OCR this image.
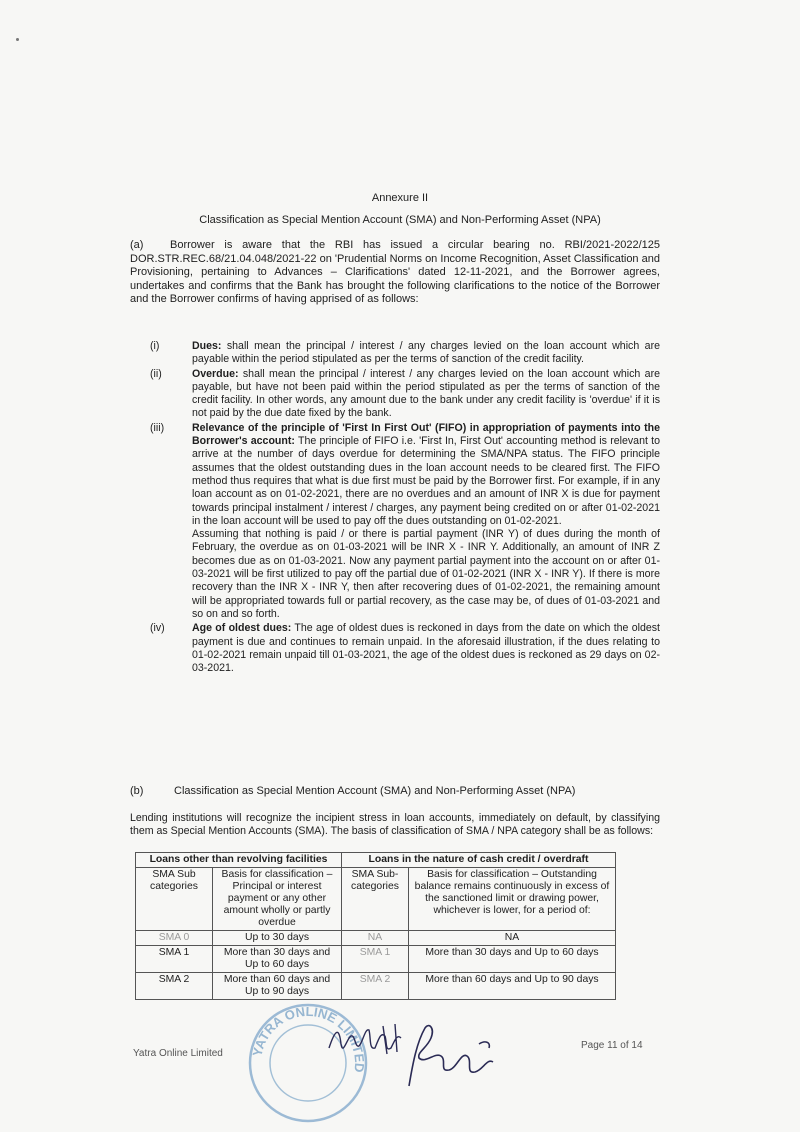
Annexure II
Classification as Special Mention Account (SMA) and Non-Performing Asset (NPA)
(a) Borrower is aware that the RBI has issued a circular bearing no. RBI/2021-2022/125 DOR.STR.REC.68/21.04.048/2021-22 on 'Prudential Norms on Income Recognition, Asset Classification and Provisioning, pertaining to Advances – Clarifications' dated 12-11-2021, and the Borrower agrees, undertakes and confirms that the Bank has brought the following clarifications to the notice of the Borrower and the Borrower confirms of having apprised of as follows:
(i)	Dues: shall mean the principal / interest / any charges levied on the loan account which are payable within the period stipulated as per the terms of sanction of the credit facility.

(ii)	Overdue: shall mean the principal / interest / any charges levied on the loan account which are payable, but have not been paid within the period stipulated as per the terms of sanction of the credit facility. In other words, any amount due to the bank under any credit facility is 'overdue' if it is not paid by the due date fixed by the bank.

(iii)	Relevance of the principle of 'First In First Out' (FIFO) in appropriation of payments into the Borrower's account: The principle of FIFO i.e. 'First In, First Out' accounting method is relevant to arrive at the number of days overdue for determining the SMA/NPA status. The FIFO principle assumes that the oldest outstanding dues in the loan account needs to be cleared first. The FIFO method thus requires that what is due first must be paid by the Borrower first. For example, if in any loan account as on 01-02-2021, there are no overdues and an amount of INR X is due for payment towards principal instalment / interest / charges, any payment being credited on or after 01-02-2021 in the loan account will be used to pay off the dues outstanding on 01-02-2021.

Assuming that nothing is paid / or there is partial payment (INR Y) of dues during the month of February, the overdue as on 01-03-2021 will be INR X - INR Y. Additionally, an amount of INR Z becomes due as on 01-03-2021. Now any payment partial payment into the account on or after 01-03-2021 will be first utilized to pay off the partial due of 01-02-2021 (INR X - INR Y). If there is more recovery than the INR X - INR Y, then after recovering dues of 01-02-2021, the remaining amount will be appropriated towards full or partial recovery, as the case may be, of dues of 01-03-2021 and so on and so forth.

(iv)	Age of oldest dues: The age of oldest dues is reckoned in days from the date on which the oldest payment is due and continues to remain unpaid. In the aforesaid illustration, if the dues relating to 01-02-2021 remain unpaid till 01-03-2021, the age of the oldest dues is reckoned as 29 days on 02-03-2021.

(b)	Classification as Special Mention Account (SMA) and Non-Performing Asset (NPA)
Lending institutions will recognize the incipient stress in loan accounts, immediately on default, by classifying them as Special Mention Accounts (SMA). The basis of classification of SMA / NPA category shall be as follows:
Loans other than revolving facilities		Loans in the nature of cash credit / overdraft	
SMA Sub categories	Basis for classification – Principal or interest payment or any other amount wholly or partly overdue	SMA Sub-categories	Basis for classification – Outstanding balance remains continuously in excess of the sanctioned limit or drawing power, whichever is lower, for a period of:
SMA 0	Up to 30 days	NA	NA
SMA 1	More than 30 days and Up to 60 days	SMA 1	More than 30 days and Up to 60 days
SMA 2	More than 60 days and Up to 90 days	SMA 2	More than 60 days and Up to 90 days
Yatra Online Limited
Page 11 of 14
YATRA ONLINE LIMITED
